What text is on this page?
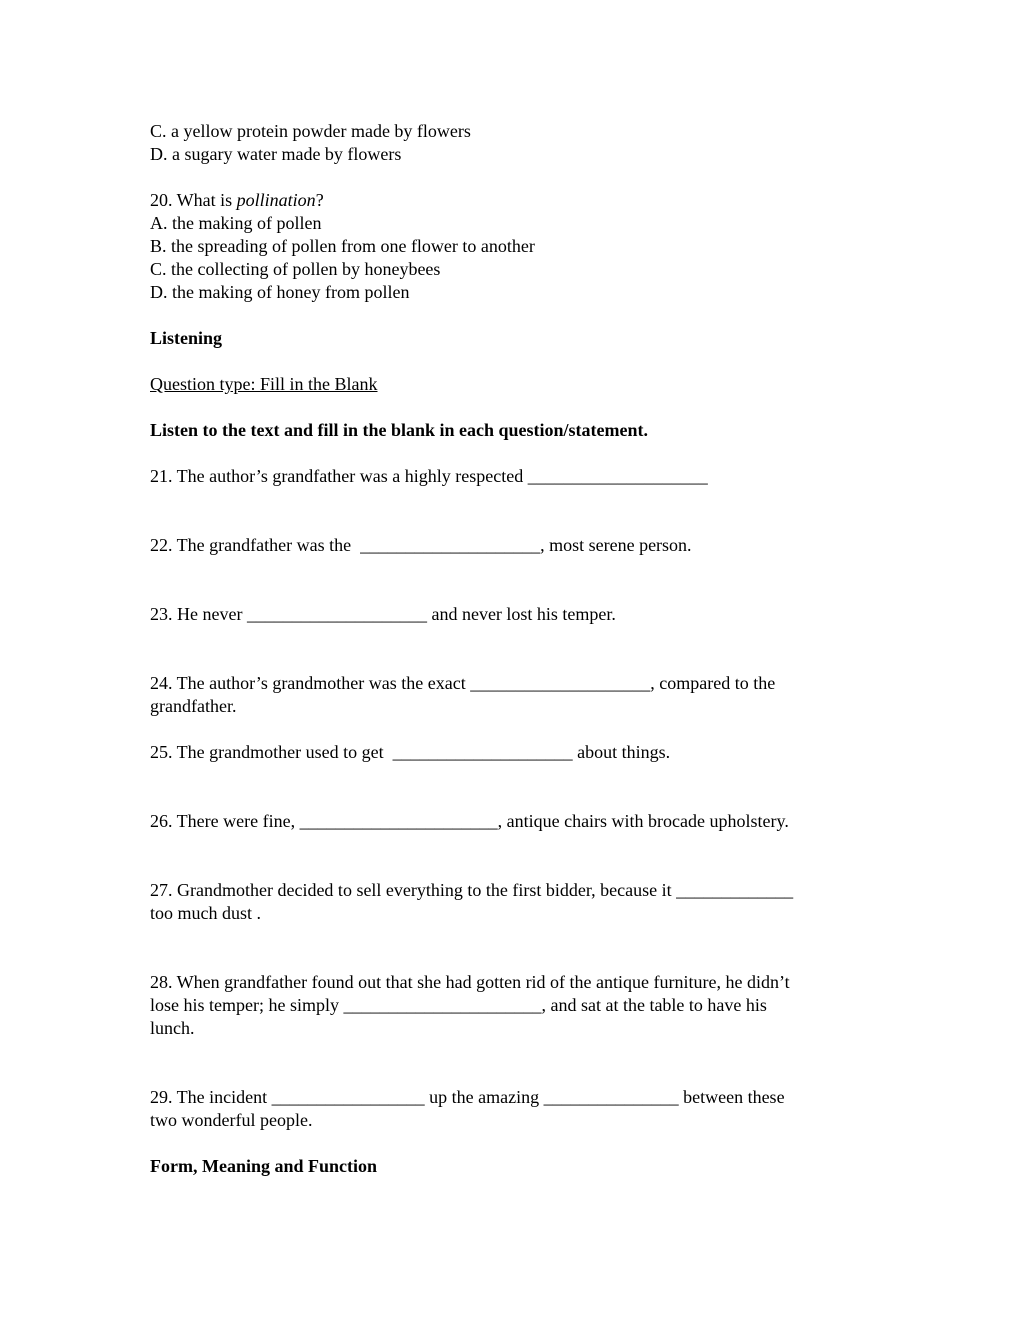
C. a yellow protein powder made by flowers
D. a sugary water made by flowers
20. What is pollination?
A. the making of pollen
B. the spreading of pollen from one flower to another
C. the collecting of pollen by honeybees
D. the making of honey from pollen
Listening
Question type: Fill in the Blank
Listen to the text and fill in the blank in each question/statement.
21. The author’s grandfather was a highly respected ____________________
22. The grandfather was the  ____________________, most serene person.
23. He never ____________________ and never lost his temper.
24. The author’s grandmother was the exact ____________________, compared to the
grandfather.
25. The grandmother used to get  ____________________ about things.
26. There were fine, ______________________, antique chairs with brocade upholstery.
27. Grandmother decided to sell everything to the first bidder, because it _____________
too much dust .
28. When grandfather found out that she had gotten rid of the antique furniture, he didn’t
lose his temper; he simply ______________________, and sat at the table to have his
lunch.
29. The incident _________________ up the amazing _______________ between these
two wonderful people.
Form, Meaning and Function
